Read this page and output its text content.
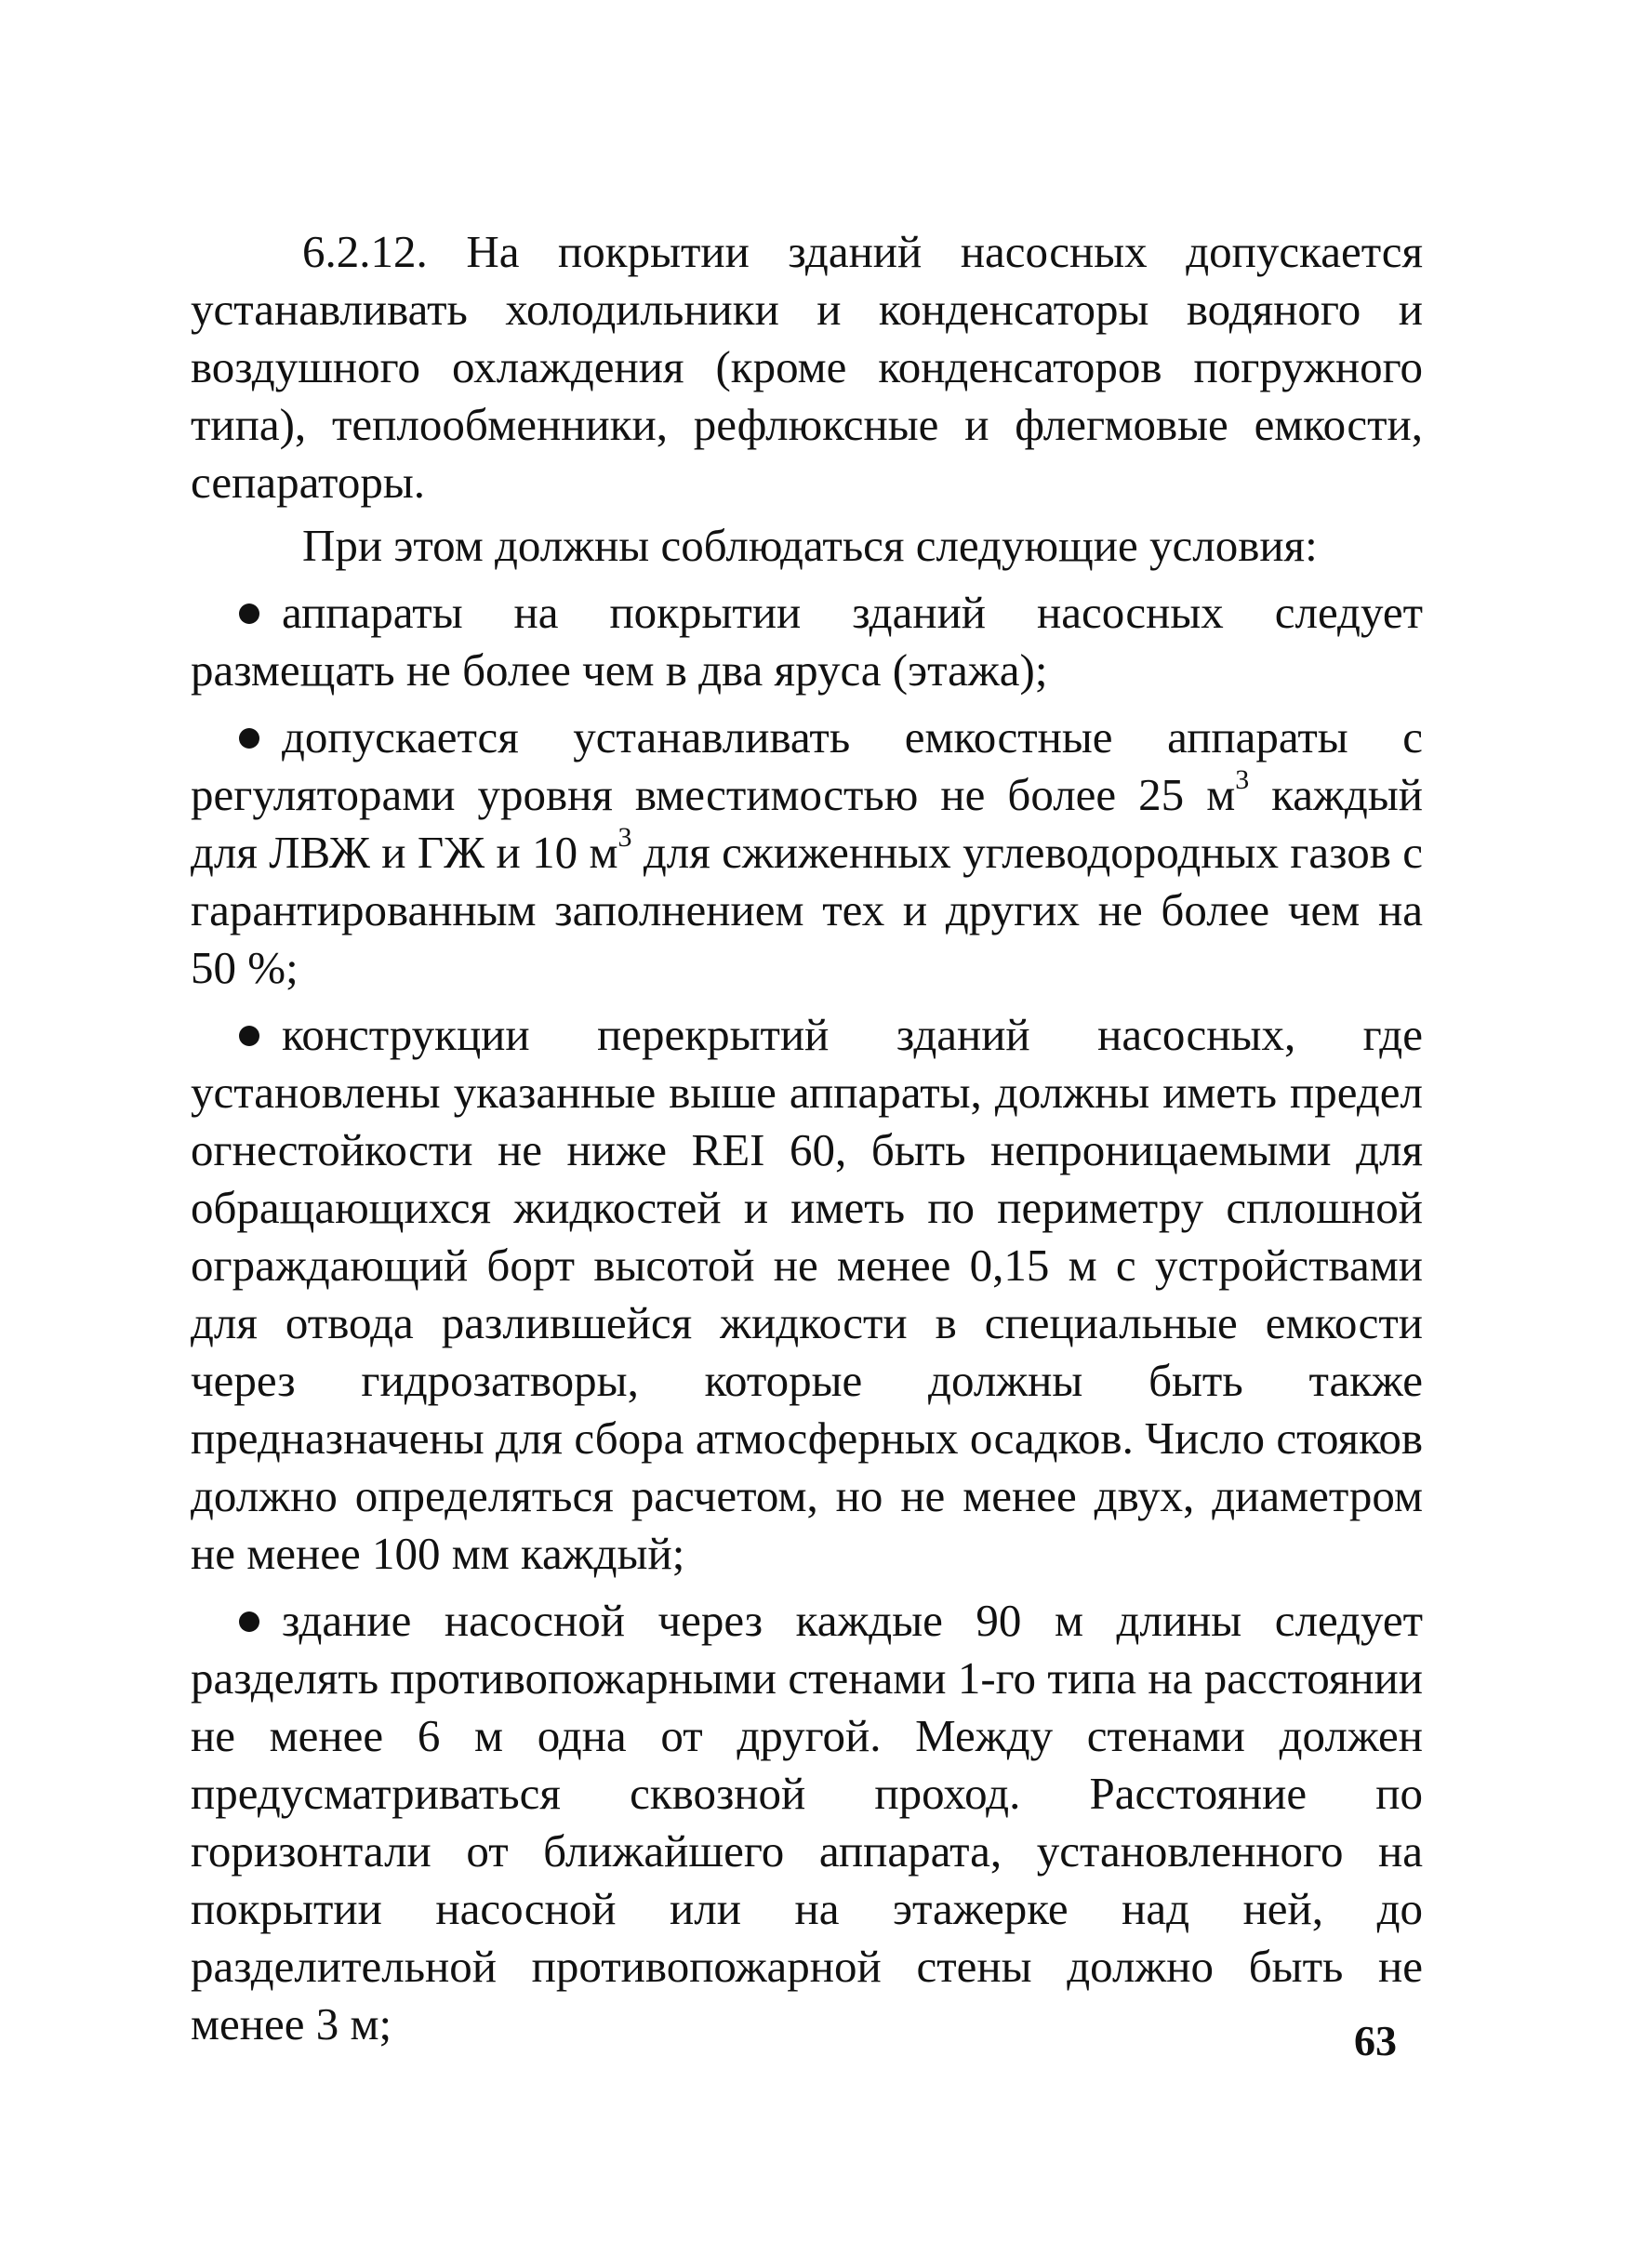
6.2.12. На покрытии зданий насосных допускается устанавливать холодильники и конденсаторы водяного и воздушного охлаждения (кроме конденсаторов погружного типа), теплообменники, рефлюксные и флегмовые емкости, сепараторы.

При этом должны соблюдаться следующие условия:

аппараты на покрытии зданий насосных следует размещать не более чем в два яруса (этажа);

допускается устанавливать емкостные аппараты с регуляторами уровня вместимостью не более 25 $м^3$ каждый для ЛВЖ и ГЖ и 10 $м^3$ для сжиженных углеводородных газов с гарантированным заполнением тех и других не более чем на 50 %;

конструкции перекрытий зданий насосных, где установлены указанные выше аппараты, должны иметь предел огнестойкости не ниже REI 60, быть непроницаемыми для обращающихся жидкостей и иметь по периметру сплошной ограждающий борт высотой не менее 0,15 м с устройствами для отвода разлившейся жидкости в специальные емкости через гидрозатворы, которые должны быть также предназначены для сбора атмосферных осадков. Число стояков должно определяться расчетом, но не менее двух, диаметром не менее 100 мм каждый;

здание насосной через каждые 90 м длины следует разделять противопожарными стенами 1-го типа на расстоянии не менее 6 м одна от другой. Между стенами должен предусматриваться сквозной проход. Расстояние по горизонтали от ближайшего аппарата, установленного на покрытии насосной или на этажерке над ней, до разделительной противопожарной стены должно быть не менее 3 м;	63
